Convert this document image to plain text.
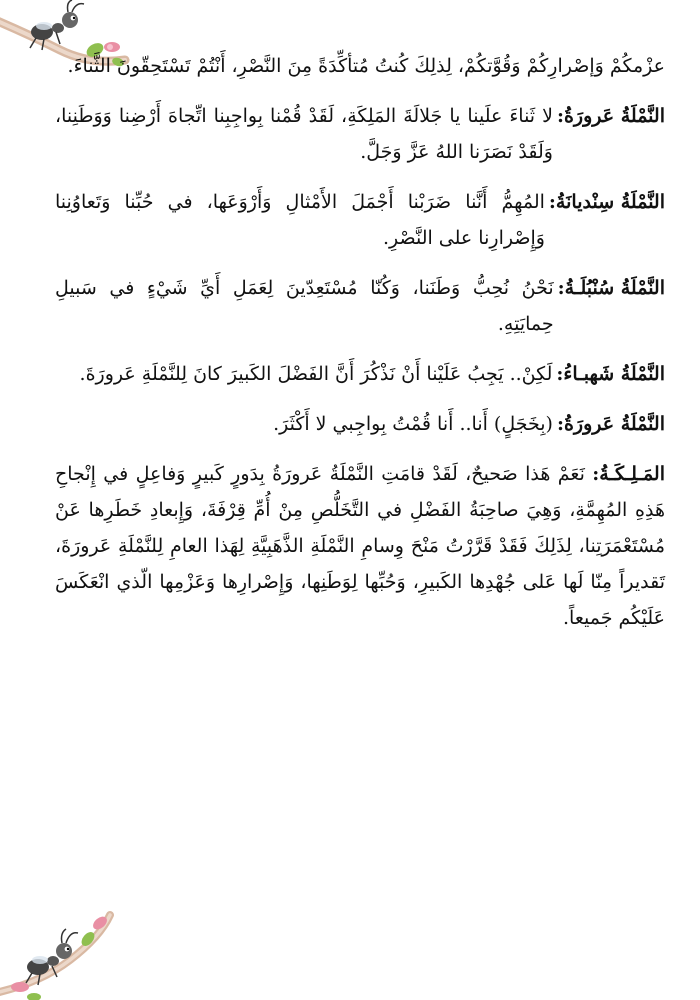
عزْمكُمْ وَإصْرارِكُمْ وَقُوَّتكُمْ، لِذلِكَ كُنتُ مُتأكِّدَةً مِنَ النَّصْرِ، أَنْتُمْ تَسْتَحِقّونَ الثَّناءَ.

النَّمْلَةُ عَرورَةُ:
لا ثَناءَ علَينا يا جَلالَةَ المَلِكَةِ، لَقَدْ قُمْنا بِواجِبِنا اتِّجاهَ أَرْضِنا وَوَطَنِنا، وَلَقَدْ نَصَرَنا اللهُ عَزَّ وَجَلَّ.
النَّمْلَةُ سِنْديانَةُ:
المُهِمُّ أَنَّنا ضَرَبْنا أَجْمَلَ الأَمْثالِ وَأَرْوَعَها، في حُبِّنا وَتَعاوُنِنا وَإِصْرارِنا على النَّصْرِ.
النَّمْلَةُ سُنْبُلَـةُ:
نَحْنُ نُحِبُّ وَطَنَنا، وَكُنّا مُسْتَعِدّينَ لِعَمَلِ أَيِّ شَيْءٍ في سَبيلِ حِمايَتِهِ.
النَّمْلَةُ شَهبـاءُ:
لَكِنْ.. يَجِبُ عَلَيْنا أَنْ نَذْكُرَ أَنَّ الفَضْلَ الكَبيرَ كانَ لِلنَّمْلَةِ عَرورَةَ.
النَّمْلَةُ عَرورَةُ:
(بِخَجَلٍ) أَنا.. أَنا قُمْتُ بِواجِبي لا أَكْثَرَ.
المَـلِـكَـةُ: نَعَمْ هَذا صَحيحٌ، لَقَدْ قامَتِ النَّمْلَةُ عَرورَةُ بِدَورٍ كَبيرٍ وَفاعِلٍ في إِنْجاحِ هَذِهِ المُهِمَّةِ، وَهِيَ صاحِبَةُ الفَضْلِ في التَّخَلُّصِ مِنْ أُمِّ قِرْفَةَ، وَإِبعادِ خَطَرِها عَنْ مُسْتَعْمَرَتِنا، لِذَلِكَ فَقَدْ قَرَّرْتُ مَنْحَ وِسامِ النَّمْلَةِ الذَّهَبِيَّةِ لِهَذا العامِ لِلنَّمْلَةِ عَرورَةَ، تَقديراً مِنّا لَها عَلى جُهْدِها الكَبيرِ، وَحُبِّها لِوَطَنِها، وَإِصْرارِها وَعَزْمِها الّذي انْعَكَسَ عَلَيْكُم جَميعاً.
